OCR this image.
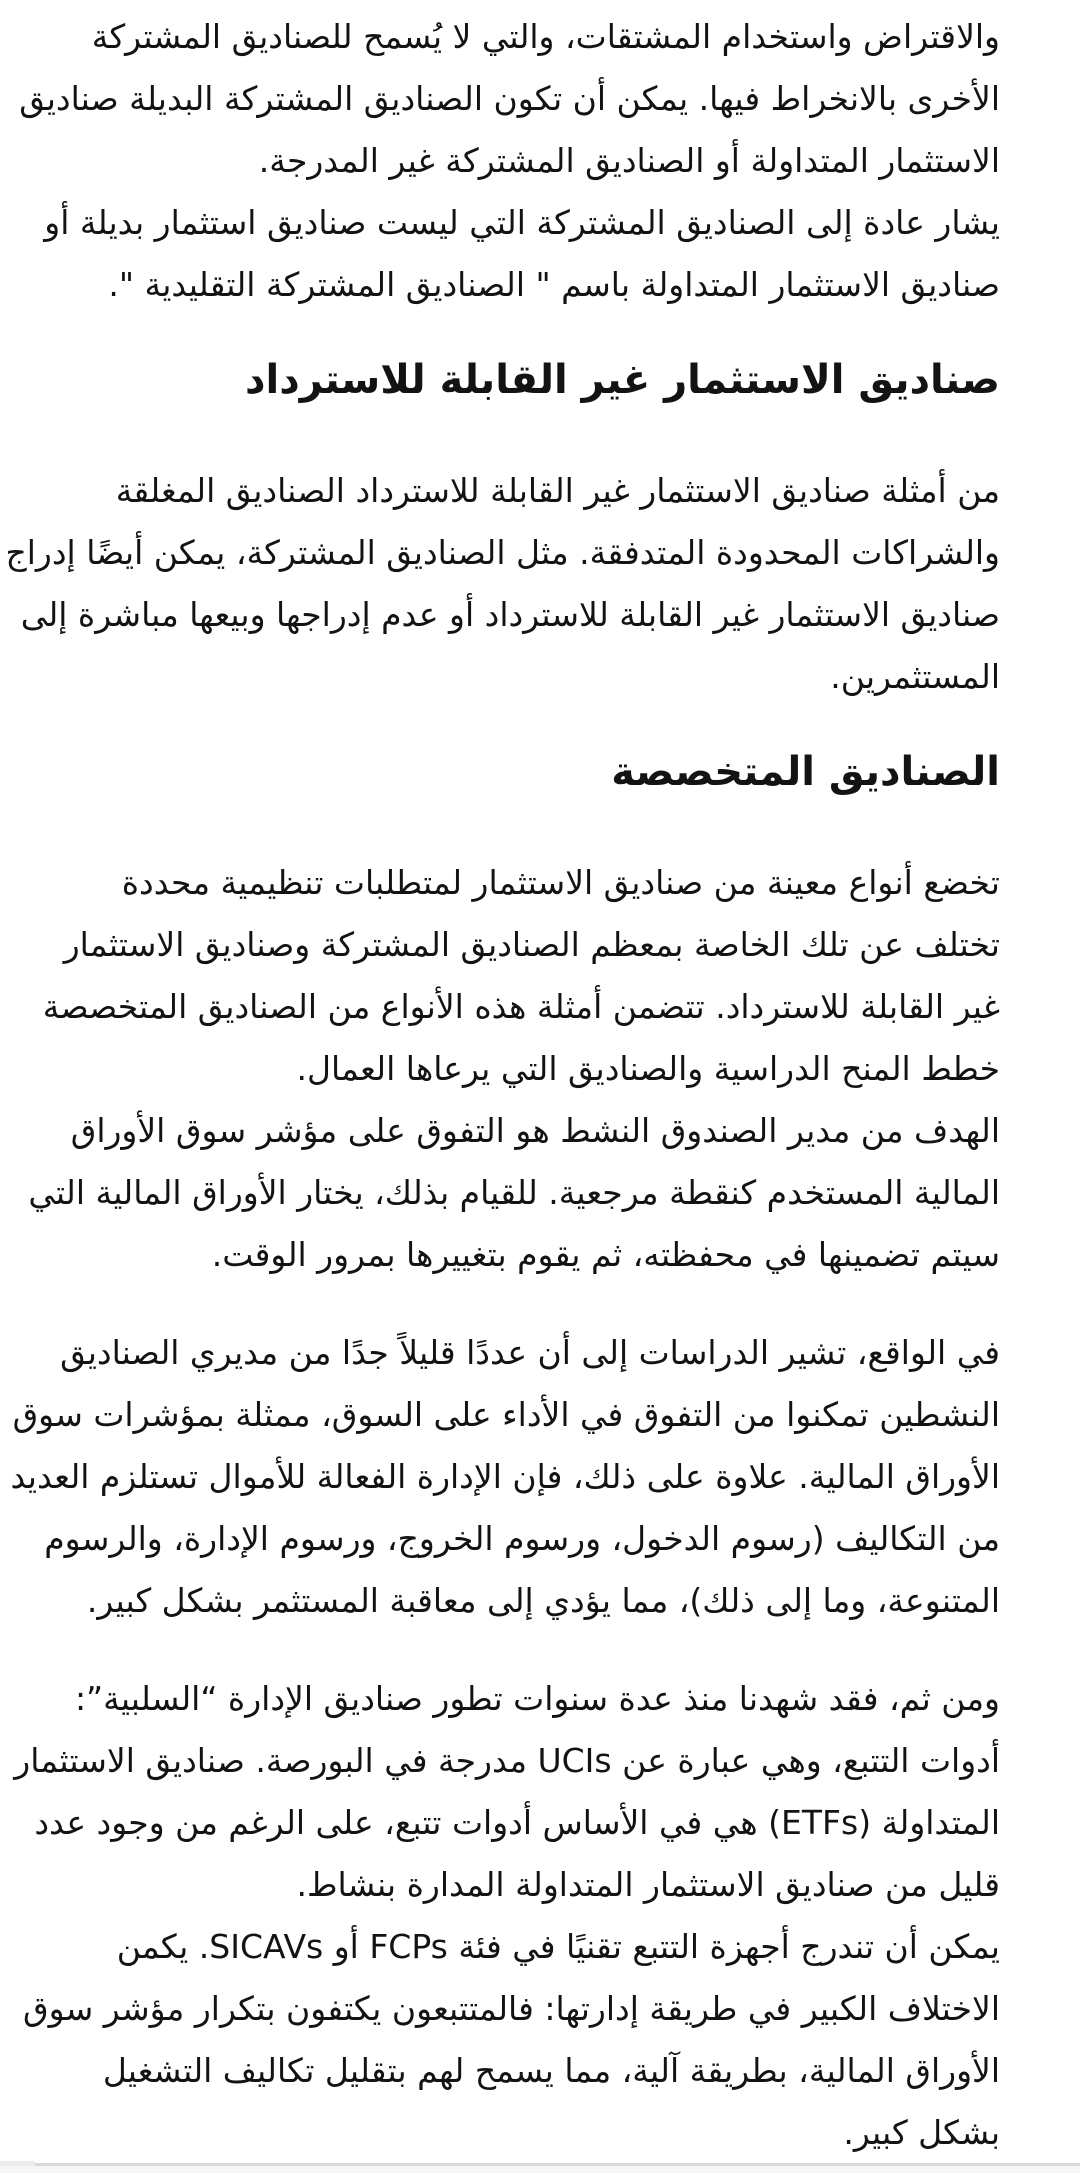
والاقتراض واستخدام المشتقات، والتي لا يُسمح للصناديق المشتركة
الأخرى بالانخراط فيها. يمكن أن تكون الصناديق المشتركة البديلة صناديق
الاستثمار المتداولة أو الصناديق المشتركة غير المدرجة.
يشار عادة إلى الصناديق المشتركة التي ليست صناديق استثمار بديلة أو
صناديق الاستثمار المتداولة باسم " الصناديق المشتركة التقليدية ".
صناديق الاستثمار غير القابلة للاسترداد
من أمثلة صناديق الاستثمار غير القابلة للاسترداد الصناديق المغلقة
والشراكات المحدودة المتدفقة. مثل الصناديق المشتركة، يمكن أيضًا إدراج
صناديق الاستثمار غير القابلة للاسترداد أو عدم إدراجها وبيعها مباشرة إلى
المستثمرين.
الصناديق المتخصصة
تخضع أنواع معينة من صناديق الاستثمار لمتطلبات تنظيمية محددة
تختلف عن تلك الخاصة بمعظم الصناديق المشتركة وصناديق الاستثمار
غير القابلة للاسترداد. تتضمن أمثلة هذه الأنواع من الصناديق المتخصصة
خطط المنح الدراسية والصناديق التي يرعاها العمال.
الهدف من مدير الصندوق النشط هو التفوق على مؤشر سوق الأوراق
المالية المستخدم كنقطة مرجعية. للقيام بذلك، يختار الأوراق المالية التي
سيتم تضمينها في محفظته، ثم يقوم بتغييرها بمرور الوقت.
في الواقع، تشير الدراسات إلى أن عددًا قليلاً جدًا من مديري الصناديق
النشطين تمكنوا من التفوق في الأداء على السوق، ممثلة بمؤشرات سوق
الأوراق المالية. علاوة على ذلك، فإن الإدارة الفعالة للأموال تستلزم العديد
من التكاليف (رسوم الدخول، ورسوم الخروج، ورسوم الإدارة، والرسوم
المتنوعة، وما إلى ذلك)، مما يؤدي إلى معاقبة المستثمر بشكل كبير.
ومن ثم، فقد شهدنا منذ عدة سنوات تطور صناديق الإدارة “السلبية”:
أدوات التتبع، وهي عبارة عن UCIs مدرجة في البورصة. صناديق الاستثمار
المتداولة (ETFs) هي في الأساس أدوات تتبع، على الرغم من وجود عدد
قليل من صناديق الاستثمار المتداولة المدارة بنشاط.
يمكن أن تندرج أجهزة التتبع تقنيًا في فئة FCPs أو SICAVs. يكمن
الاختلاف الكبير في طريقة إدارتها: فالمتتبعون يكتفون بتكرار مؤشر سوق
الأوراق المالية، بطريقة آلية، مما يسمح لهم بتقليل تكاليف التشغيل
بشكل كبير.
